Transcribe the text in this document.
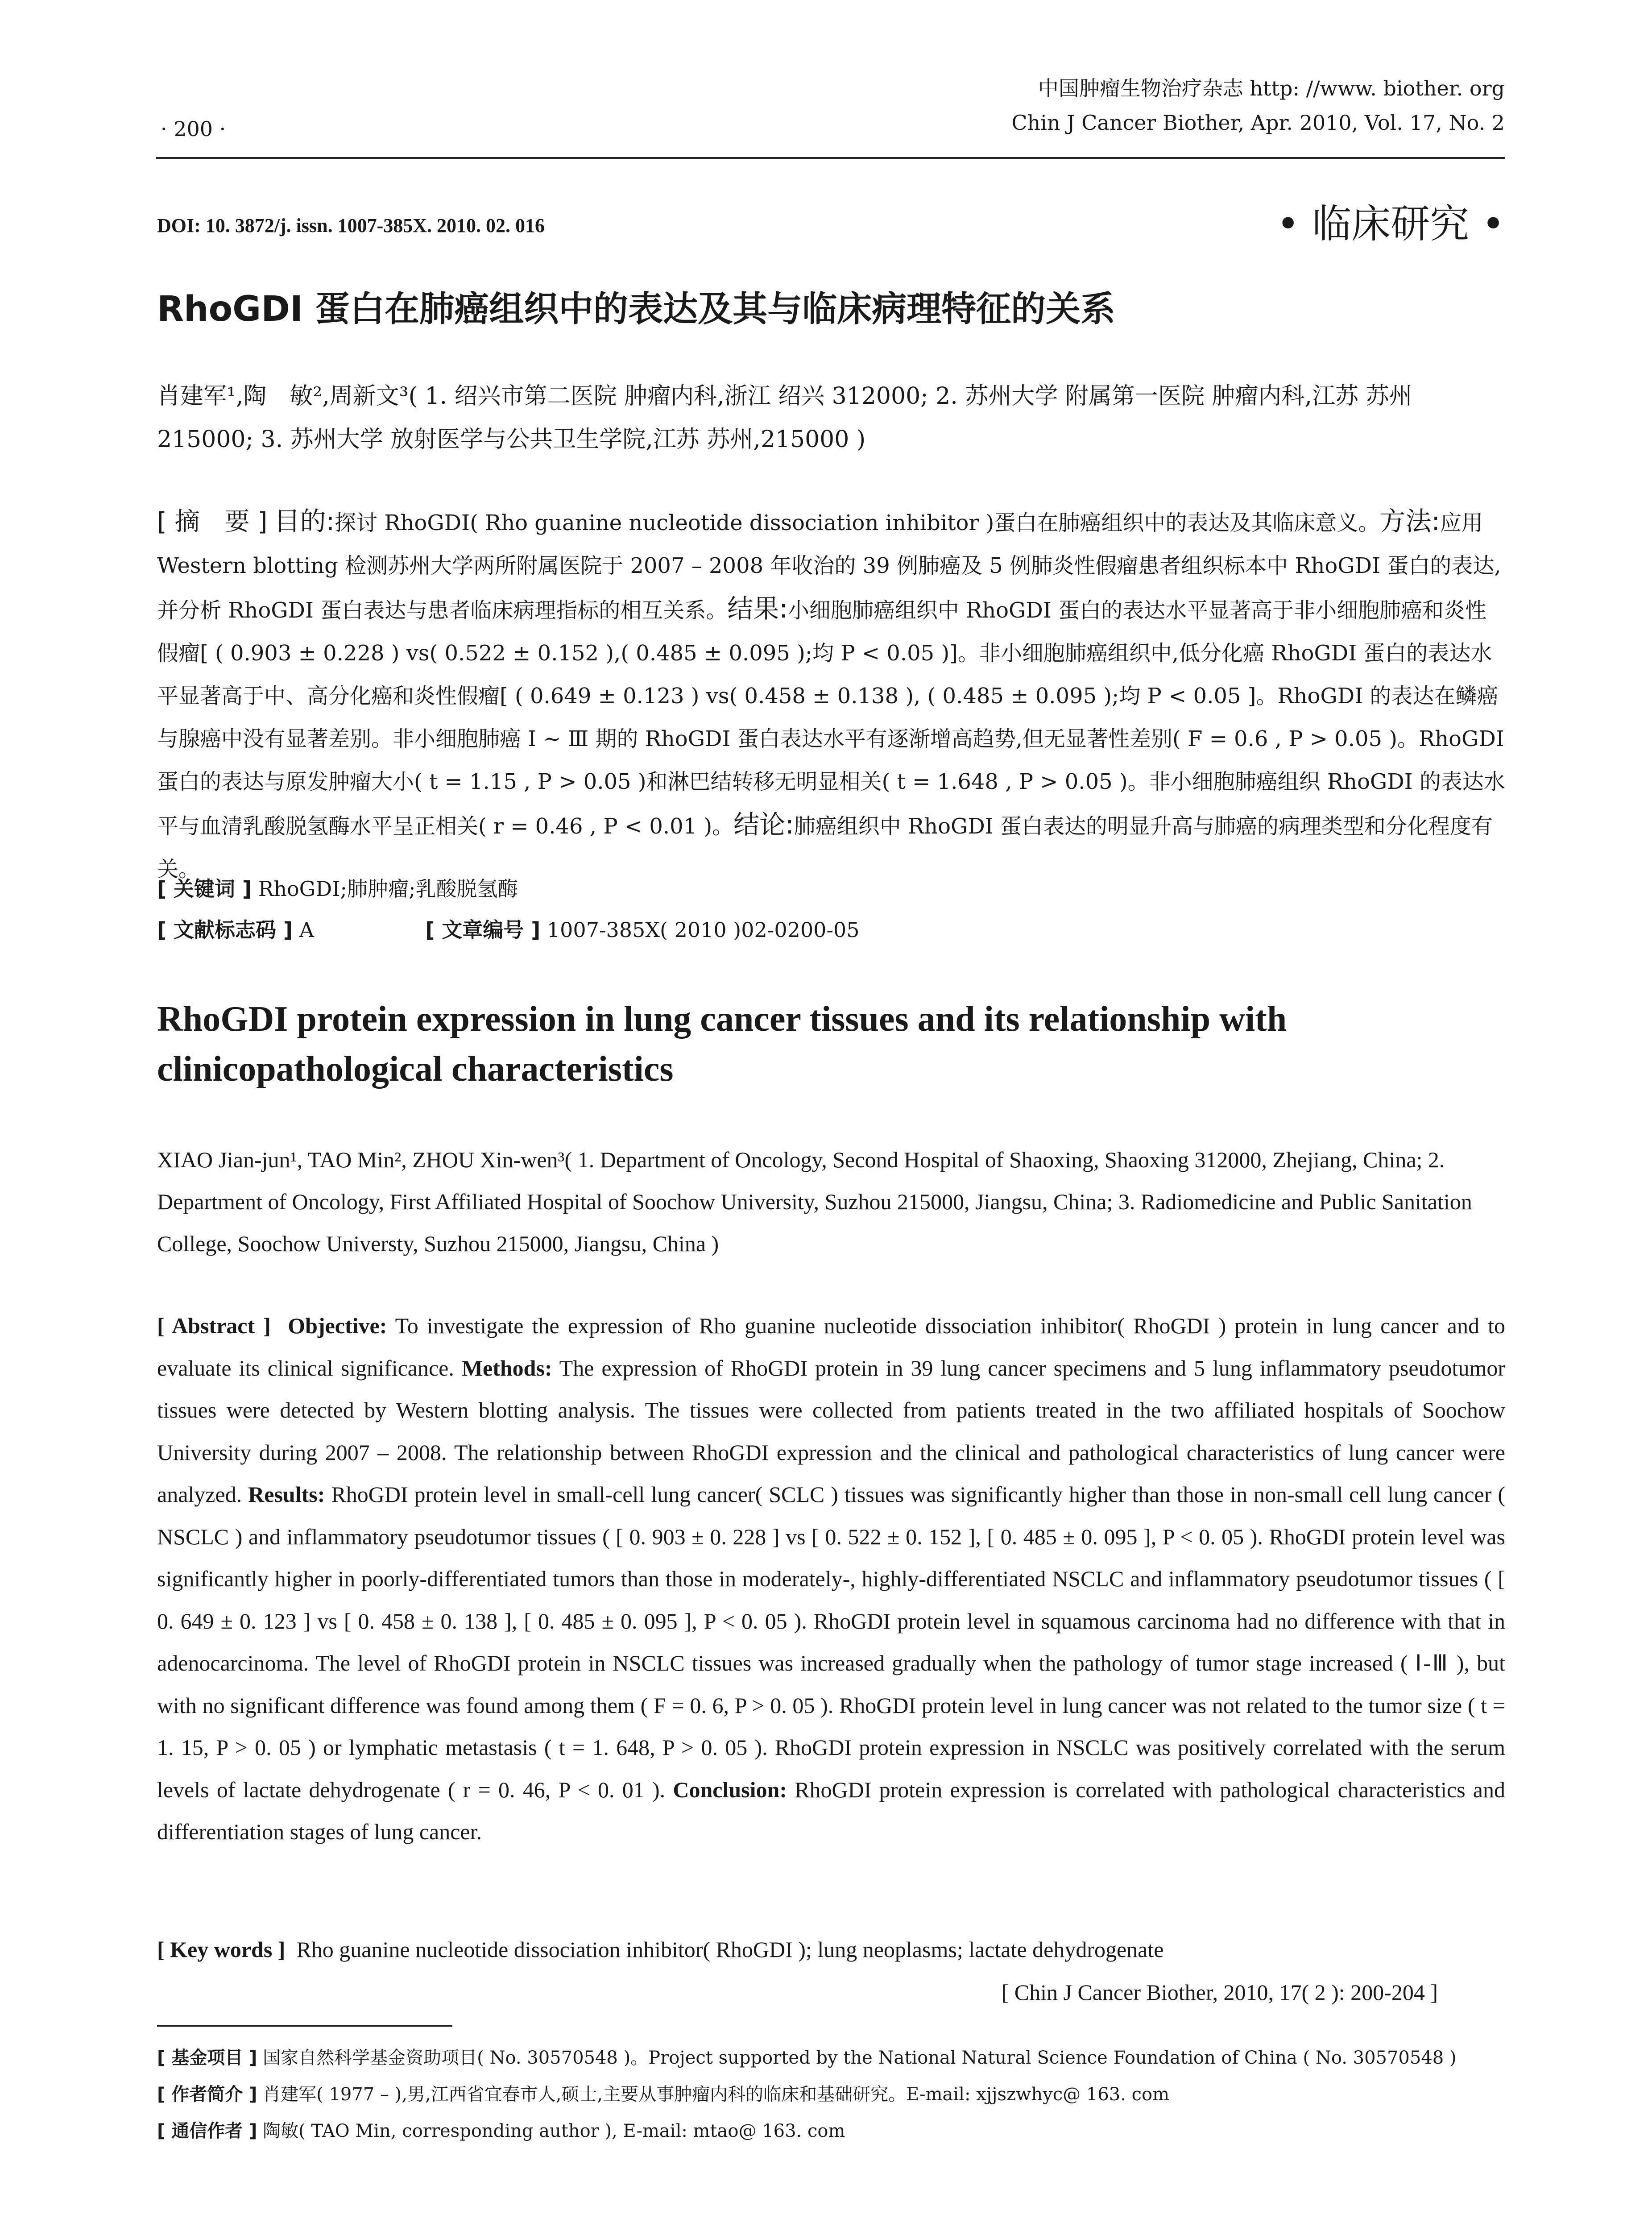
· 200 ·
中国肿瘤生物治疗杂志 http: //www. biother. org
Chin J Cancer Biother, Apr. 2010, Vol. 17, No. 2
DOI: 10. 3872/j. issn. 1007-385X. 2010. 02. 016	• 临床研究 •
RhoGDI 蛋白在肺癌组织中的表达及其与临床病理特征的关系
肖建军¹,陶　敏²,周新文³( 1. 绍兴市第二医院 肿瘤内科,浙江 绍兴 312000; 2. 苏州大学 附属第一医院 肿瘤内科,江苏 苏州 215000; 3. 苏州大学 放射医学与公共卫生学院,江苏 苏州,215000 )

[ 摘　要 ] 目的:探讨 RhoGDI( Rho guanine nucleotide dissociation inhibitor )蛋白在肺癌组织中的表达及其临床意义。方法:应用 Western blotting 检测苏州大学两所附属医院于 2007 – 2008 年收治的 39 例肺癌及 5 例肺炎性假瘤患者组织标本中 RhoGDI 蛋白的表达,并分析 RhoGDI 蛋白表达与患者临床病理指标的相互关系。结果:小细胞肺癌组织中 RhoGDI 蛋白的表达水平显著高于非小细胞肺癌和炎性假瘤[ ( 0.903 ± 0.228 ) vs( 0.522 ± 0.152 ),( 0.485 ± 0.095 );均 P < 0.05 )]。非小细胞肺癌组织中,低分化癌 RhoGDI 蛋白的表达水平显著高于中、高分化癌和炎性假瘤[ ( 0.649 ± 0.123 ) vs( 0.458 ± 0.138 ), ( 0.485 ± 0.095 );均 P < 0.05 ]。RhoGDI 的表达在鳞癌与腺癌中没有显著差别。非小细胞肺癌 Ⅰ ~ Ⅲ 期的 RhoGDI 蛋白表达水平有逐渐增高趋势,但无显著性差别( F = 0.6 , P > 0.05 )。RhoGDI 蛋白的表达与原发肿瘤大小( t = 1.15 , P > 0.05 )和淋巴结转移无明显相关( t = 1.648 , P > 0.05 )。非小细胞肺癌组织 RhoGDI 的表达水平与血清乳酸脱氢酶水平呈正相关( r = 0.46 , P < 0.01 )。结论:肺癌组织中 RhoGDI 蛋白表达的明显升高与肺癌的病理类型和分化程度有关。

[ 关键词 ] RhoGDI;肺肿瘤;乳酸脱氢酶
[ 文献标志码 ] A	[ 文章编号 ] 1007-385X( 2010 )02-0200-05
RhoGDI protein expression in lung cancer tissues and its relationship with clinicopathological characteristics
XIAO Jian-jun¹, TAO Min², ZHOU Xin-wen³( 1. Department of Oncology, Second Hospital of Shaoxing, Shaoxing 312000, Zhejiang, China; 2. Department of Oncology, First Affiliated Hospital of Soochow University, Suzhou 215000, Jiangsu, China; 3. Radiomedicine and Public Sanitation College, Soochow Universty, Suzhou 215000, Jiangsu, China )
[ Abstract ] Objective: To investigate the expression of Rho guanine nucleotide dissociation inhibitor( RhoGDI ) protein in lung cancer and to evaluate its clinical significance. Methods: The expression of RhoGDI protein in 39 lung cancer specimens and 5 lung inflammatory pseudotumor tissues were detected by Western blotting analysis. The tissues were collected from patients treated in the two affiliated hospitals of Soochow University during 2007 – 2008. The relationship between RhoGDI expression and the clinical and pathological characteristics of lung cancer were analyzed. Results: RhoGDI protein level in small-cell lung cancer( SCLC ) tissues was significantly higher than those in non-small cell lung cancer ( NSCLC ) and inflammatory pseudotumor tissues ( [ 0. 903 ± 0. 228 ] vs [ 0. 522 ± 0. 152 ], [ 0. 485 ± 0. 095 ], P < 0. 05 ). RhoGDI protein level was significantly higher in poorly-differentiated tumors than those in moderately-, highly-differentiated NSCLC and inflammatory pseudotumor tissues ( [ 0. 649 ± 0. 123 ] vs [ 0. 458 ± 0. 138 ], [ 0. 485 ± 0. 095 ], P < 0. 05 ). RhoGDI protein level in squamous carcinoma had no difference with that in adenocarcinoma. The level of RhoGDI protein in NSCLC tissues was increased gradually when the pathology of tumor stage increased ( Ⅰ-Ⅲ ), but with no significant difference was found among them ( F = 0. 6, P > 0. 05 ). RhoGDI protein level in lung cancer was not related to the tumor size ( t = 1. 15, P > 0. 05 ) or lymphatic metastasis ( t = 1. 648, P > 0. 05 ). RhoGDI protein expression in NSCLC was positively correlated with the serum levels of lactate dehydrogenate ( r = 0. 46, P < 0. 01 ). Conclusion: RhoGDI protein expression is correlated with pathological characteristics and differentiation stages of lung cancer.
[ Key words ] Rho guanine nucleotide dissociation inhibitor( RhoGDI ); lung neoplasms; lactate dehydrogenate
[ Chin J Cancer Biother, 2010, 17( 2 ): 200-204 ]
[ 基金项目 ] 国家自然科学基金资助项目( No. 30570548 )。Project supported by the National Natural Science Foundation of China ( No. 30570548 )
[ 作者简介 ] 肖建军( 1977 – ),男,江西省宜春市人,硕士,主要从事肿瘤内科的临床和基础研究。E-mail: xjjszwhyc@ 163. com
[ 通信作者 ] 陶敏( TAO Min, corresponding author ), E-mail: mtao@ 163. com
